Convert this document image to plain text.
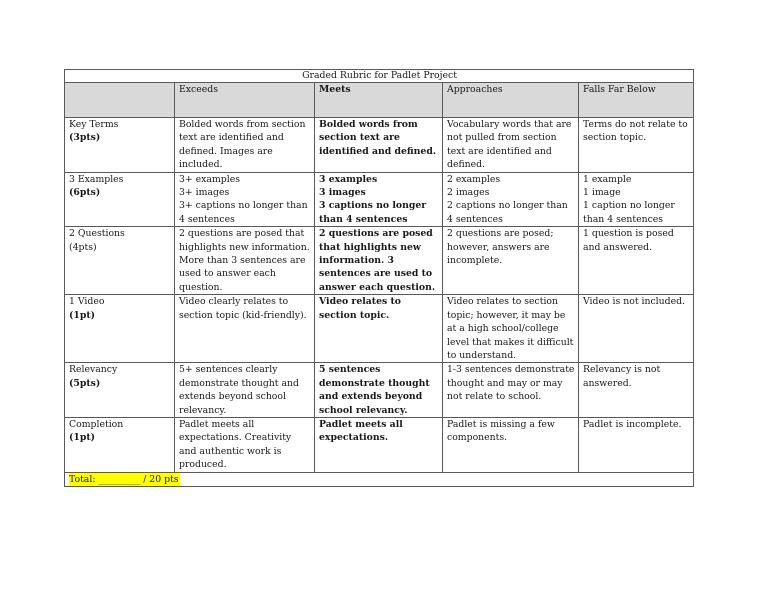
Graded Rubric for Padlet Project				
	Exceeds	Meets	Approaches	Falls Far Below

Key Terms
(3pts)	Bolded words from section text are identified and defined. Images are included.	Bolded words from section text are identified and defined.	Vocabulary words that are not pulled from section text are identified and defined.	Terms do not relate to section topic.

3 Examples
(6pts)	3+ examples
3+ images
3+ captions no longer than 4 sentences	3 examples
3 images
3 captions no longer than 4 sentences	2 examples
2 images
2 captions no longer than 4 sentences	1 example
1 image
1 caption no longer than 4 sentences

2 Questions
(4pts)	2 questions are posed that highlights new information. More than 3 sentences are used to answer each question.	2 questions are posed that highlights new information. 3 sentences are used to answer each question.	2 questions are posed; however, answers are incomplete.	1 question is posed and answered.

1 Video
(1pt)	Video clearly relates to section topic (kid-friendly).	Video relates to section topic.	Video relates to section topic; however, it may be at a high school/college level that makes it difficult to understand.	Video is not included.

Relevancy
(5pts)	5+ sentences clearly demonstrate thought and extends beyond school relevancy.	5 sentences demonstrate thought and extends beyond school relevancy.	1-3 sentences demonstrate thought and may or may not relate to school.	Relevancy is not answered.

Completion
(1pt)	Padlet meets all expectations. Creativity and authentic work is produced.	Padlet meets all expectations.	Padlet is missing a few components.	Padlet is incomplete.
Total: _________ / 20 pts				
